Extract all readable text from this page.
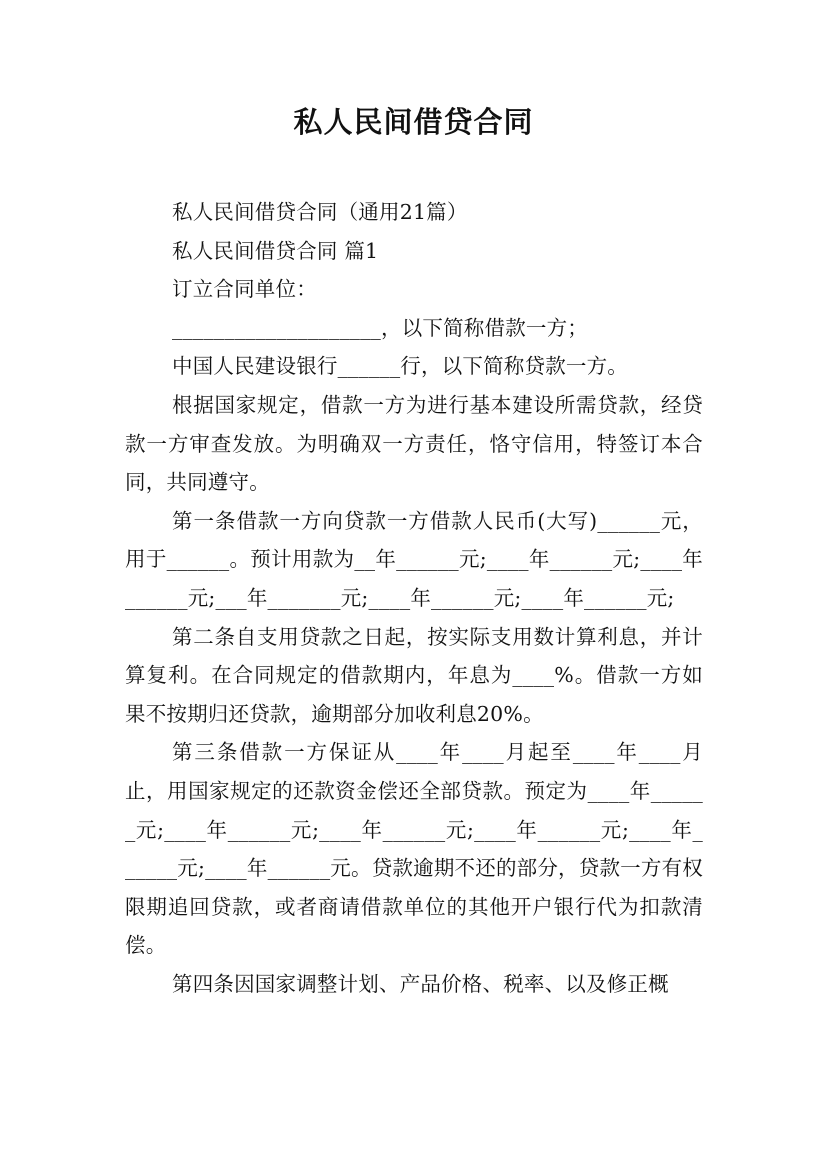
私人民间借贷合同

私人民间借贷合同（通用21篇）

私人民间借贷合同 篇1

订立合同单位：

____________________，以下简称借款一方；

中国人民建设银行______行，以下简称贷款一方。

根据国家规定，借款一方为进行基本建设所需贷款，经贷款一方审查发放。为明确双一方责任，恪守信用，特签订本合同，共同遵守。

第一条借款一方向贷款一方借款人民币(大写)______元，用于______。预计用款为__年______元;____年______元;____年______元;___年_______元;____年______元;____年______元;

第二条自支用贷款之日起，按实际支用数计算利息，并计算复利。在合同规定的借款期内，年息为____%。借款一方如果不按期归还贷款，逾期部分加收利息20%。

第三条借款一方保证从____年____月起至____年____月止，用国家规定的还款资金偿还全部贷款。预定为____年______元;____年______元;____年______元;____年______元;____年______元;____年______元。贷款逾期不还的部分，贷款一方有权限期追回贷款，或者商请借款单位的其他开户银行代为扣款清偿。

第四条因国家调整计划、产品价格、税率、以及修正概
